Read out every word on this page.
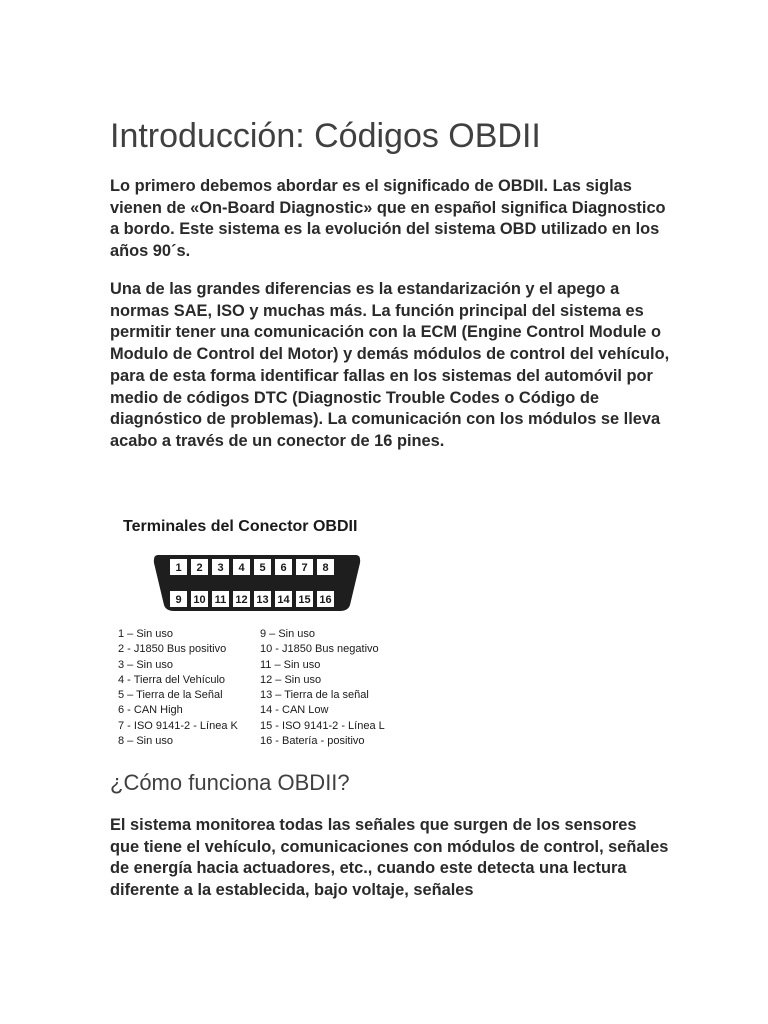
Introducción: Códigos OBDII

Lo primero debemos abordar es el significado de OBDII. Las siglas vienen de «On-Board Diagnostic» que en español significa Diagnostico a bordo. Este sistema es la evolución del sistema OBD utilizado en los años 90´s.

Una de las grandes diferencias es la estandarización y el apego a normas SAE, ISO y muchas más. La función principal del sistema es permitir tener una comunicación con la ECM (Engine Control Module o Modulo de Control del Motor) y demás módulos de control del vehículo, para de esta forma identificar fallas en los sistemas del automóvil por medio de códigos DTC (Diagnostic Trouble Codes o Código de diagnóstico de problemas). La comunicación con los módulos se lleva acabo a través de un conector de 16 pines.

¿Cómo funciona OBDII?

El sistema monitorea todas las señales que surgen de los sensores que tiene el vehículo, comunicaciones con módulos de control, señales de energía hacia actuadores, etc., cuando este detecta una lectura diferente a la establecida, bajo voltaje, señales

Terminales del Conector OBDII

1 2 3 4 5 6 7 8
9 10 11 12 13 14 15 16
1 – Sin uso
2 - J1850 Bus positivo
3 – Sin uso
4 - Tierra del Vehículo
5 – Tierra de la Señal
6 - CAN High
7 - ISO 9141-2 - Línea K
8 – Sin uso
9 – Sin uso
10 - J1850 Bus negativo
11 – Sin uso
12 – Sin uso
13 – Tierra de la señal
14 - CAN Low
15 - ISO 9141-2 - Línea L
16 - Batería - positivo
